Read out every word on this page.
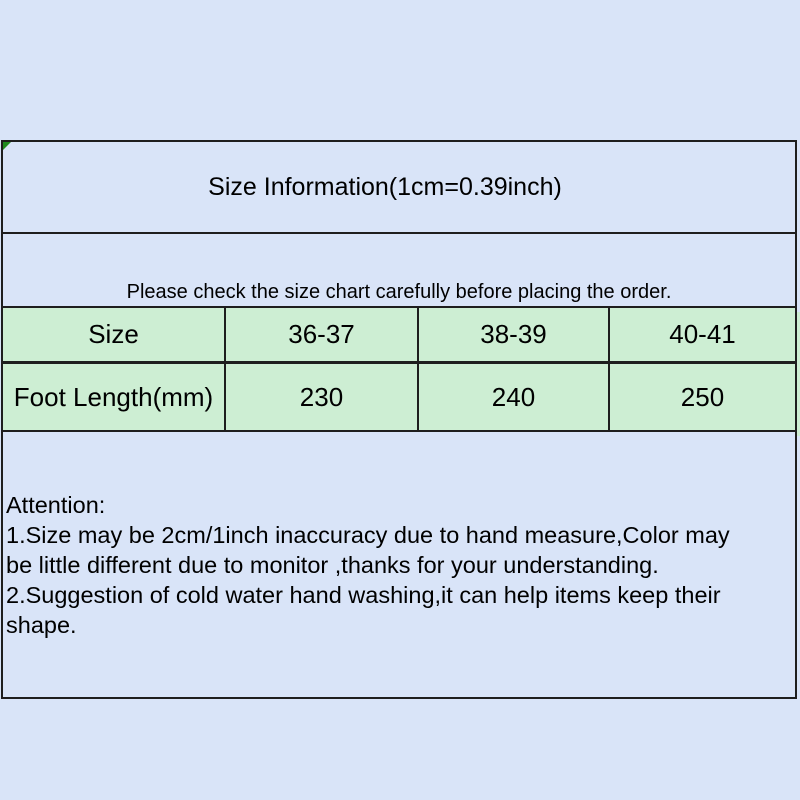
Size Information(1cm=0.39inch)
Please check the size chart carefully before placing the order.
Size	36-37	38-39	40-41
Foot Length(mm)	230	240	250
Attention:
1.Size may be 2cm/1inch inaccuracy due to hand measure,Color may
be little different due to monitor ,thanks for your understanding.
2.Suggestion of cold water hand washing,it can help items keep their
shape.
